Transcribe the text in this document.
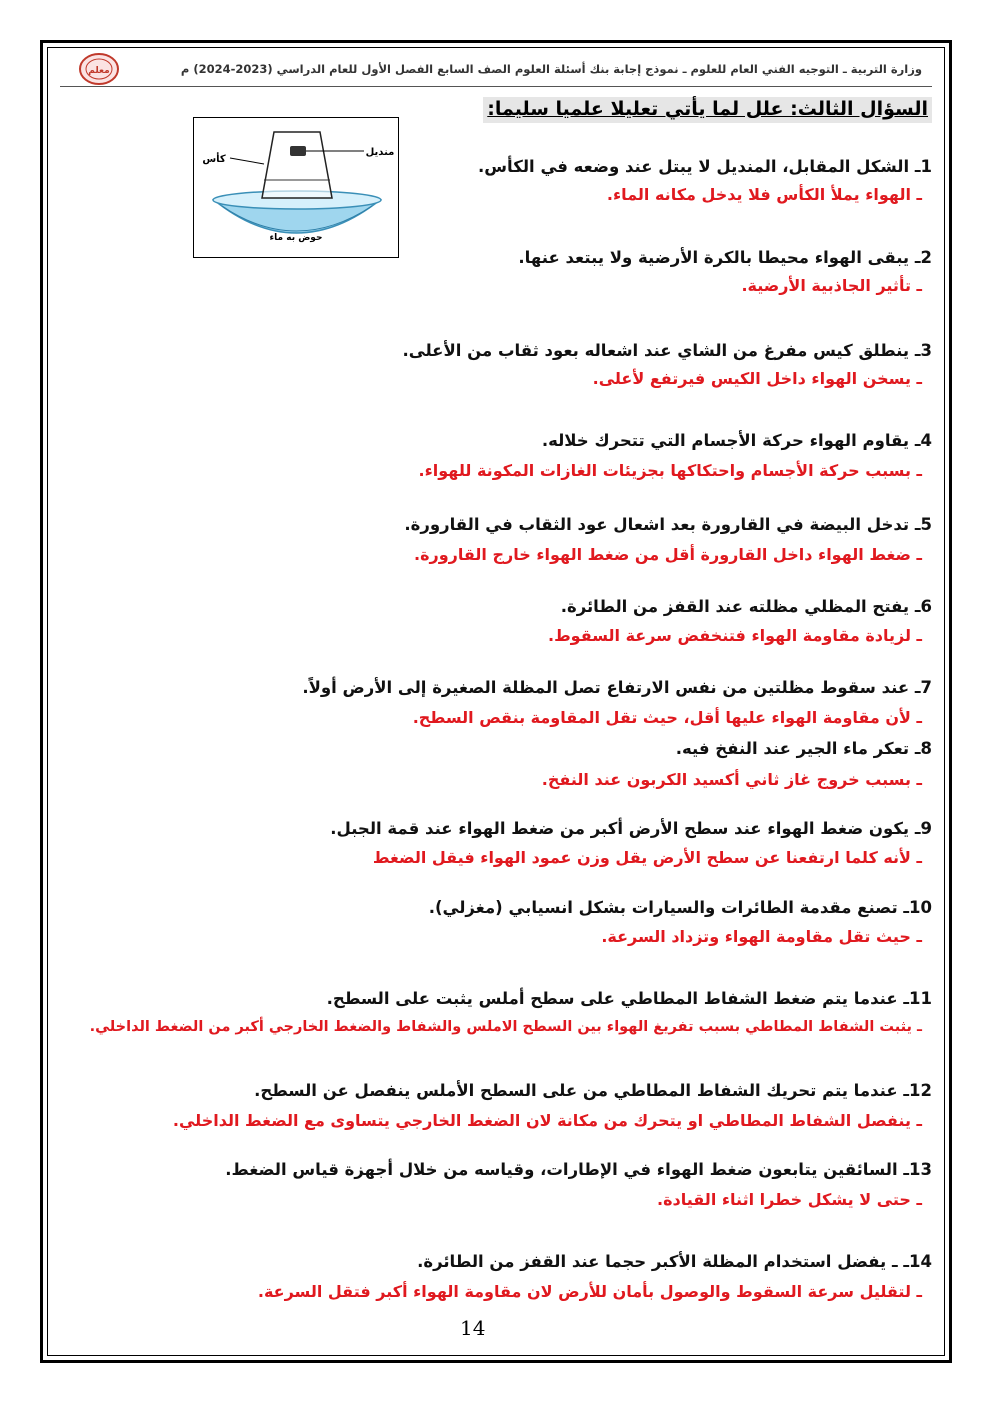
معلم	وزارة التربية ـ التوجيه الفني العام للعلوم ـ نموذج إجابة بنك أسئلة العلوم الصف السابع الفصل الأول للعام الدراسي (2023-2024) م
السؤال الثالث: علل لما يأتي تعليلا علميا سليما:
منديل
كأس
حوض به ماء
1ـ الشكل المقابل، المنديل لا يبتل عند وضعه في الكأس.
ـ الهواء يملأ الكأس فلا يدخل مكانه الماء.
2ـ يبقى الهواء محيطا بالكرة الأرضية ولا يبتعد عنها.
ـ تأثير الجاذبية الأرضية.
3ـ ينطلق كيس مفرغ من الشاي عند اشعاله بعود ثقاب من الأعلى.
ـ يسخن الهواء داخل الكيس فيرتفع لأعلى.
4ـ يقاوم الهواء حركة الأجسام التي تتحرك خلاله.
ـ بسبب حركة الأجسام واحتكاكها بجزيئات الغازات المكونة للهواء.
5ـ تدخل البيضة في القارورة بعد اشعال عود الثقاب في القارورة.
ـ ضغط الهواء داخل القارورة أقل من ضغط الهواء خارج القارورة.
6ـ يفتح المظلي مظلته عند القفز من الطائرة.
ـ لزيادة مقاومة الهواء فتنخفض سرعة السقوط.
7ـ عند سقوط مظلتين من نفس الارتفاع تصل المظلة الصغيرة إلى الأرض أولاً.
ـ لأن مقاومة الهواء عليها أقل، حيث تقل المقاومة بنقص السطح.
8ـ تعكر ماء الجير عند النفخ فيه.
ـ بسبب خروج غاز ثاني أكسيد الكربون عند النفخ.
9ـ يكون ضغط الهواء عند سطح الأرض أكبر من ضغط الهواء عند قمة الجبل.
ـ لأنه كلما ارتفعنا عن سطح الأرض يقل وزن عمود الهواء فيقل الضغط
10ـ تصنع مقدمة الطائرات والسيارات بشكل انسيابي (مغزلي).
ـ حيث تقل مقاومة الهواء وتزداد السرعة.
11ـ عندما يتم ضغط الشفاط المطاطي على سطح أملس يثبت على السطح.
ـ يثبت الشفاط المطاطي بسبب تفريغ الهواء بين السطح الاملس والشفاط والضغط الخارجي أكبر من الضغط الداخلي.
12ـ عندما يتم تحريك الشفاط المطاطي من على السطح الأملس ينفصل عن السطح.
ـ ينفصل الشفاط المطاطي او يتحرك من مكانة لان الضغط الخارجي يتساوى مع الضغط الداخلي.
13ـ السائقين يتابعون ضغط الهواء في الإطارات، وقياسه من خلال أجهزة قياس الضغط.
ـ حتى لا يشكل خطرا اثناء القيادة.
14ـ ـ يفضل استخدام المظلة الأكبر حجما عند القفز من الطائرة.
ـ لتقليل سرعة السقوط والوصول بأمان للأرض لان مقاومة الهواء أكبر فتقل السرعة.
14
